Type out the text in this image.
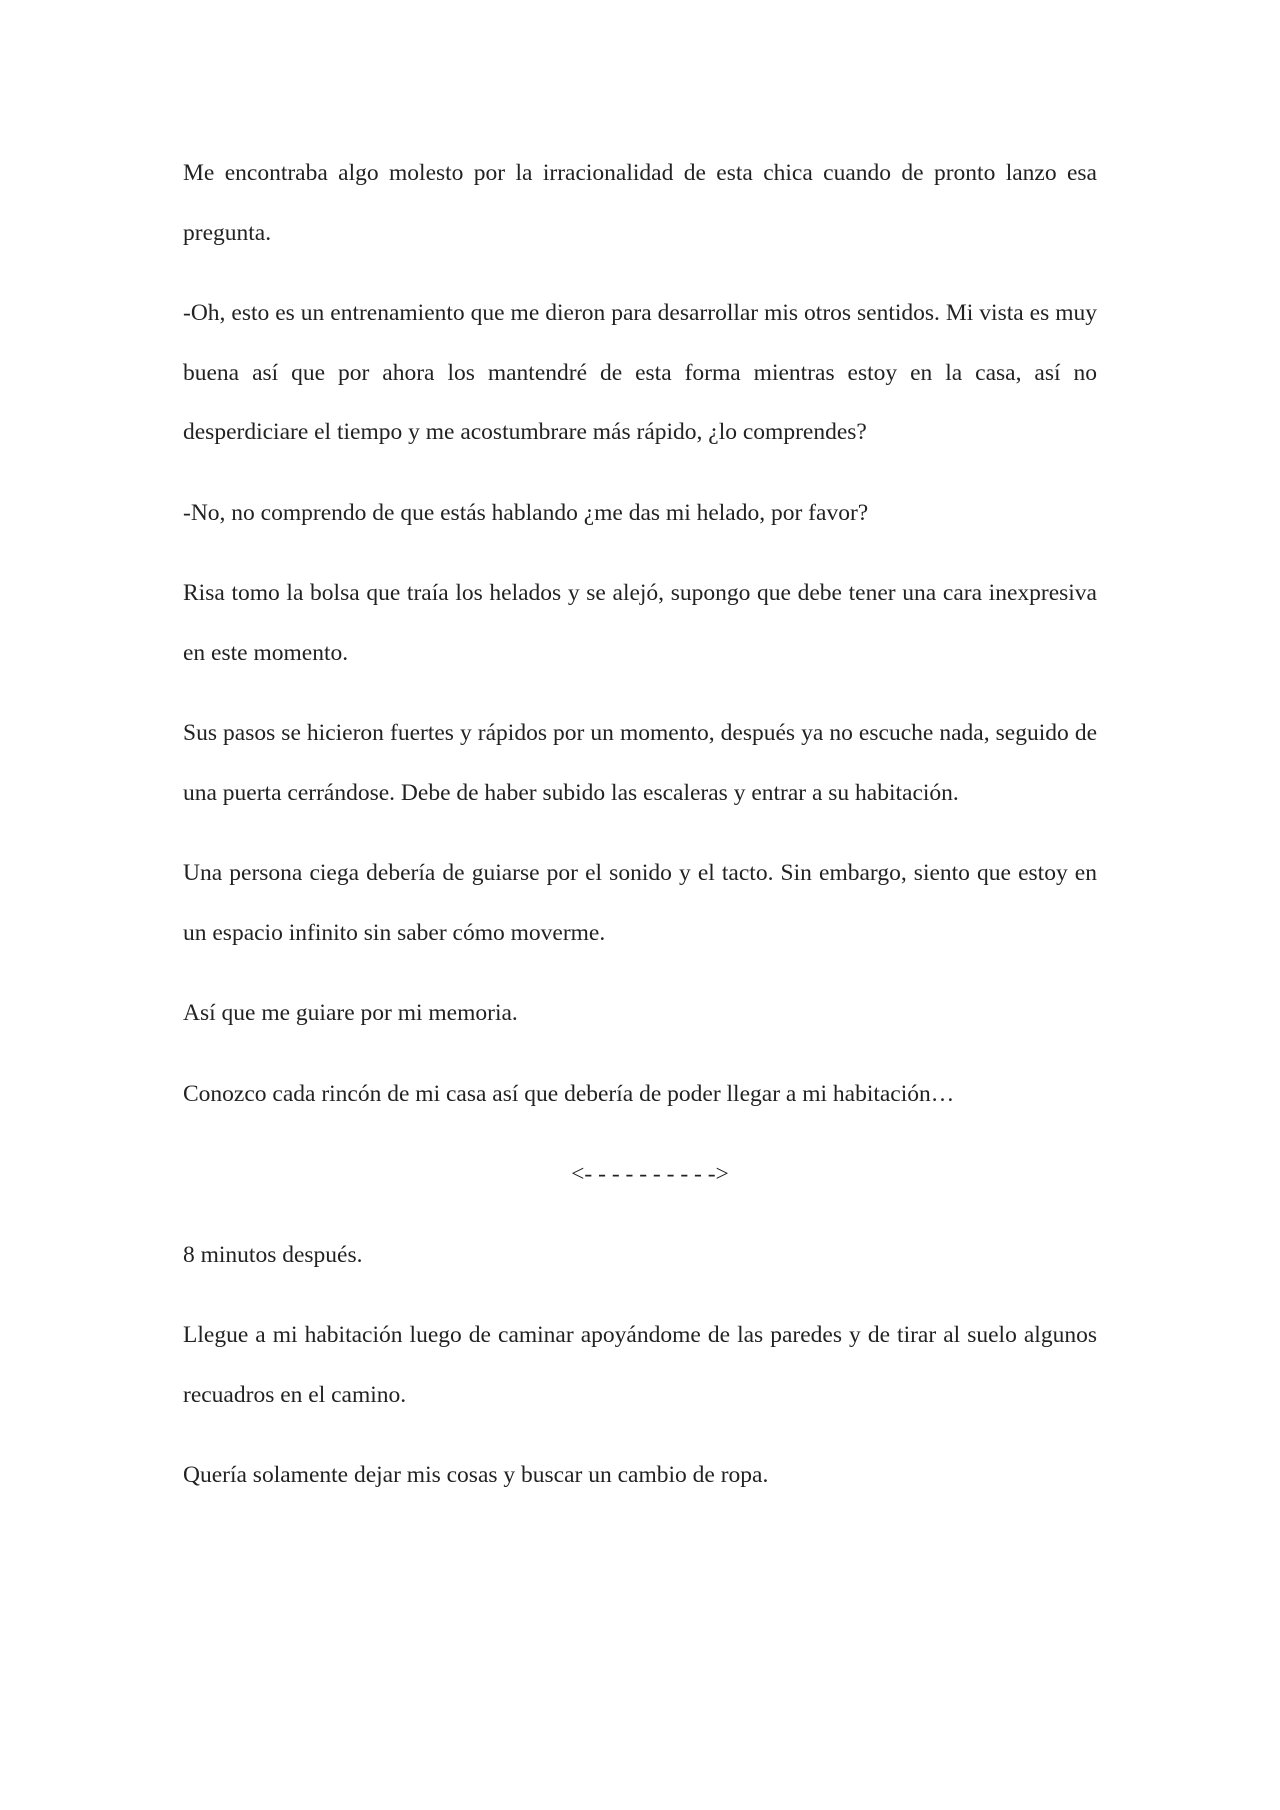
Me encontraba algo molesto por la irracionalidad de esta chica cuando de pronto lanzo esa pregunta.

-Oh, esto es un entrenamiento que me dieron para desarrollar mis otros sentidos. Mi vista es muy buena así que por ahora los mantendré de esta forma mientras estoy en la casa, así no desperdiciare el tiempo y me acostumbrare más rápido, ¿lo comprendes?

-No, no comprendo de que estás hablando ¿me das mi helado, por favor?

Risa tomo la bolsa que traía los helados y se alejó, supongo que debe tener una cara inexpresiva en este momento.

Sus pasos se hicieron fuertes y rápidos por un momento, después ya no escuche nada, seguido de una puerta cerrándose. Debe de haber subido las escaleras y entrar a su habitación.

Una persona ciega debería de guiarse por el sonido y el tacto. Sin embargo, siento que estoy en un espacio infinito sin saber cómo moverme.

Así que me guiare por mi memoria.

Conozco cada rincón de mi casa así que debería de poder llegar a mi habitación…

<- - - - - - - - - ->

8 minutos después.

Llegue a mi habitación luego de caminar apoyándome de las paredes y de tirar al suelo algunos recuadros en el camino.

Quería solamente dejar mis cosas y buscar un cambio de ropa.
